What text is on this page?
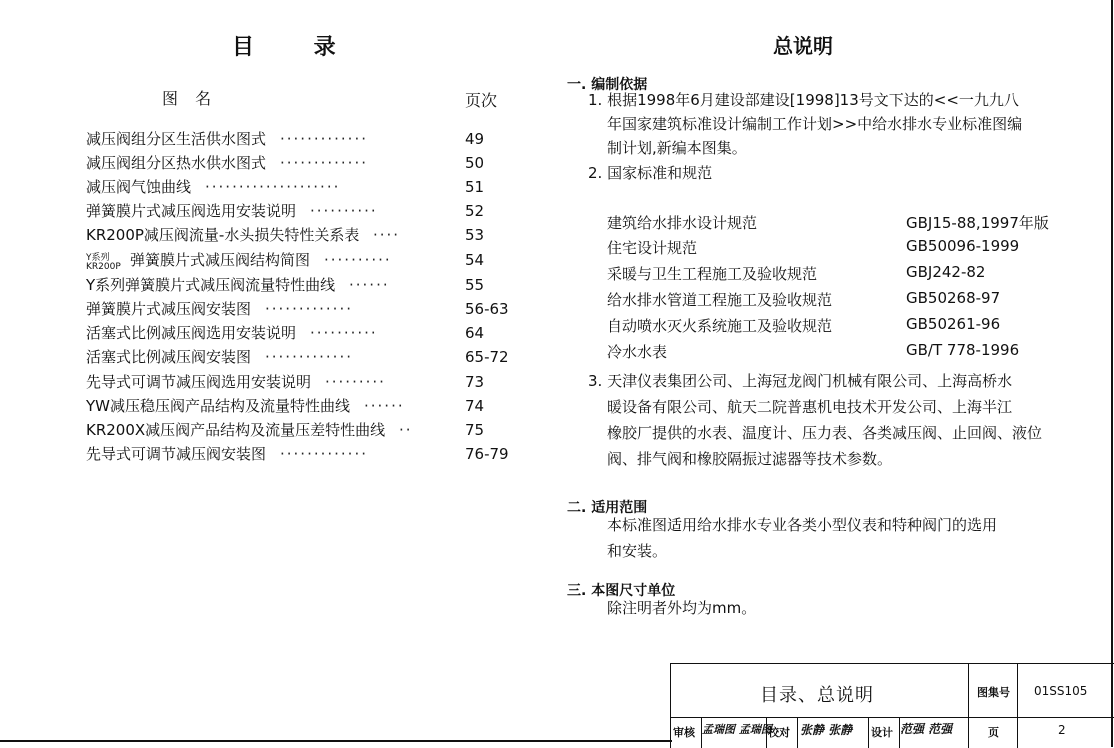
目 录
图 名	页次
减压阀组分区生活供水图式 ·············	49
减压阀组分区热水供水图式 ·············	50
减压阀气蚀曲线 ····················	51
弹簧膜片式减压阀选用安装说明 ··········	52
KR200P减压阀流量-水头损失特性关系表 ····	53
Y系列
KR200P 弹簧膜片式减压阀结构简图 ··········	54
Y系列弹簧膜片式减压阀流量特性曲线 ······	55
弹簧膜片式减压阀安装图 ·············	56-63
活塞式比例减压阀选用安装说明 ··········	64
活塞式比例减压阀安装图 ·············	65-72
先导式可调节减压阀选用安装说明 ·········	73
YW减压稳压阀产品结构及流量特性曲线 ······	74
KR200X减压阀产品结构及流量压差特性曲线 ··	75
先导式可调节减压阀安装图 ·············	76-79
总说明
一. 编制依据
1. 根据1998年6月建设部建设[1998]13号文下达的<<一九九八
年国家建筑标准设计编制工作计划>>中给水排水专业标准图编
制计划,新编本图集。
2. 国家标准和规范
建筑给水排水设计规范	GBJ15-88,1997年版
住宅设计规范	GB50096-1999
采暖与卫生工程施工及验收规范	GBJ242-82
给水排水管道工程施工及验收规范	GB50268-97
自动喷水灭火系统施工及验收规范	GB50261-96
冷水水表	GB/T 778-1996
3. 天津仪表集团公司、上海冠龙阀门机械有限公司、上海高桥水
暖设备有限公司、航天二院普惠机电技术开发公司、上海半江
橡胶厂提供的水表、温度计、压力表、各类减压阀、止回阀、液位
阀、排气阀和橡胶隔振过滤器等技术参数。
二. 适用范围
本标准图适用给水排水专业各类小型仪表和特种阀门的选用
和安装。
三. 本图尺寸单位
除注明者外均为mm。
目录、总说明	图集号 01SS105
审核 孟瑞图 孟瑞图
校对 张静 张静 设计 范强 范强	页	2
